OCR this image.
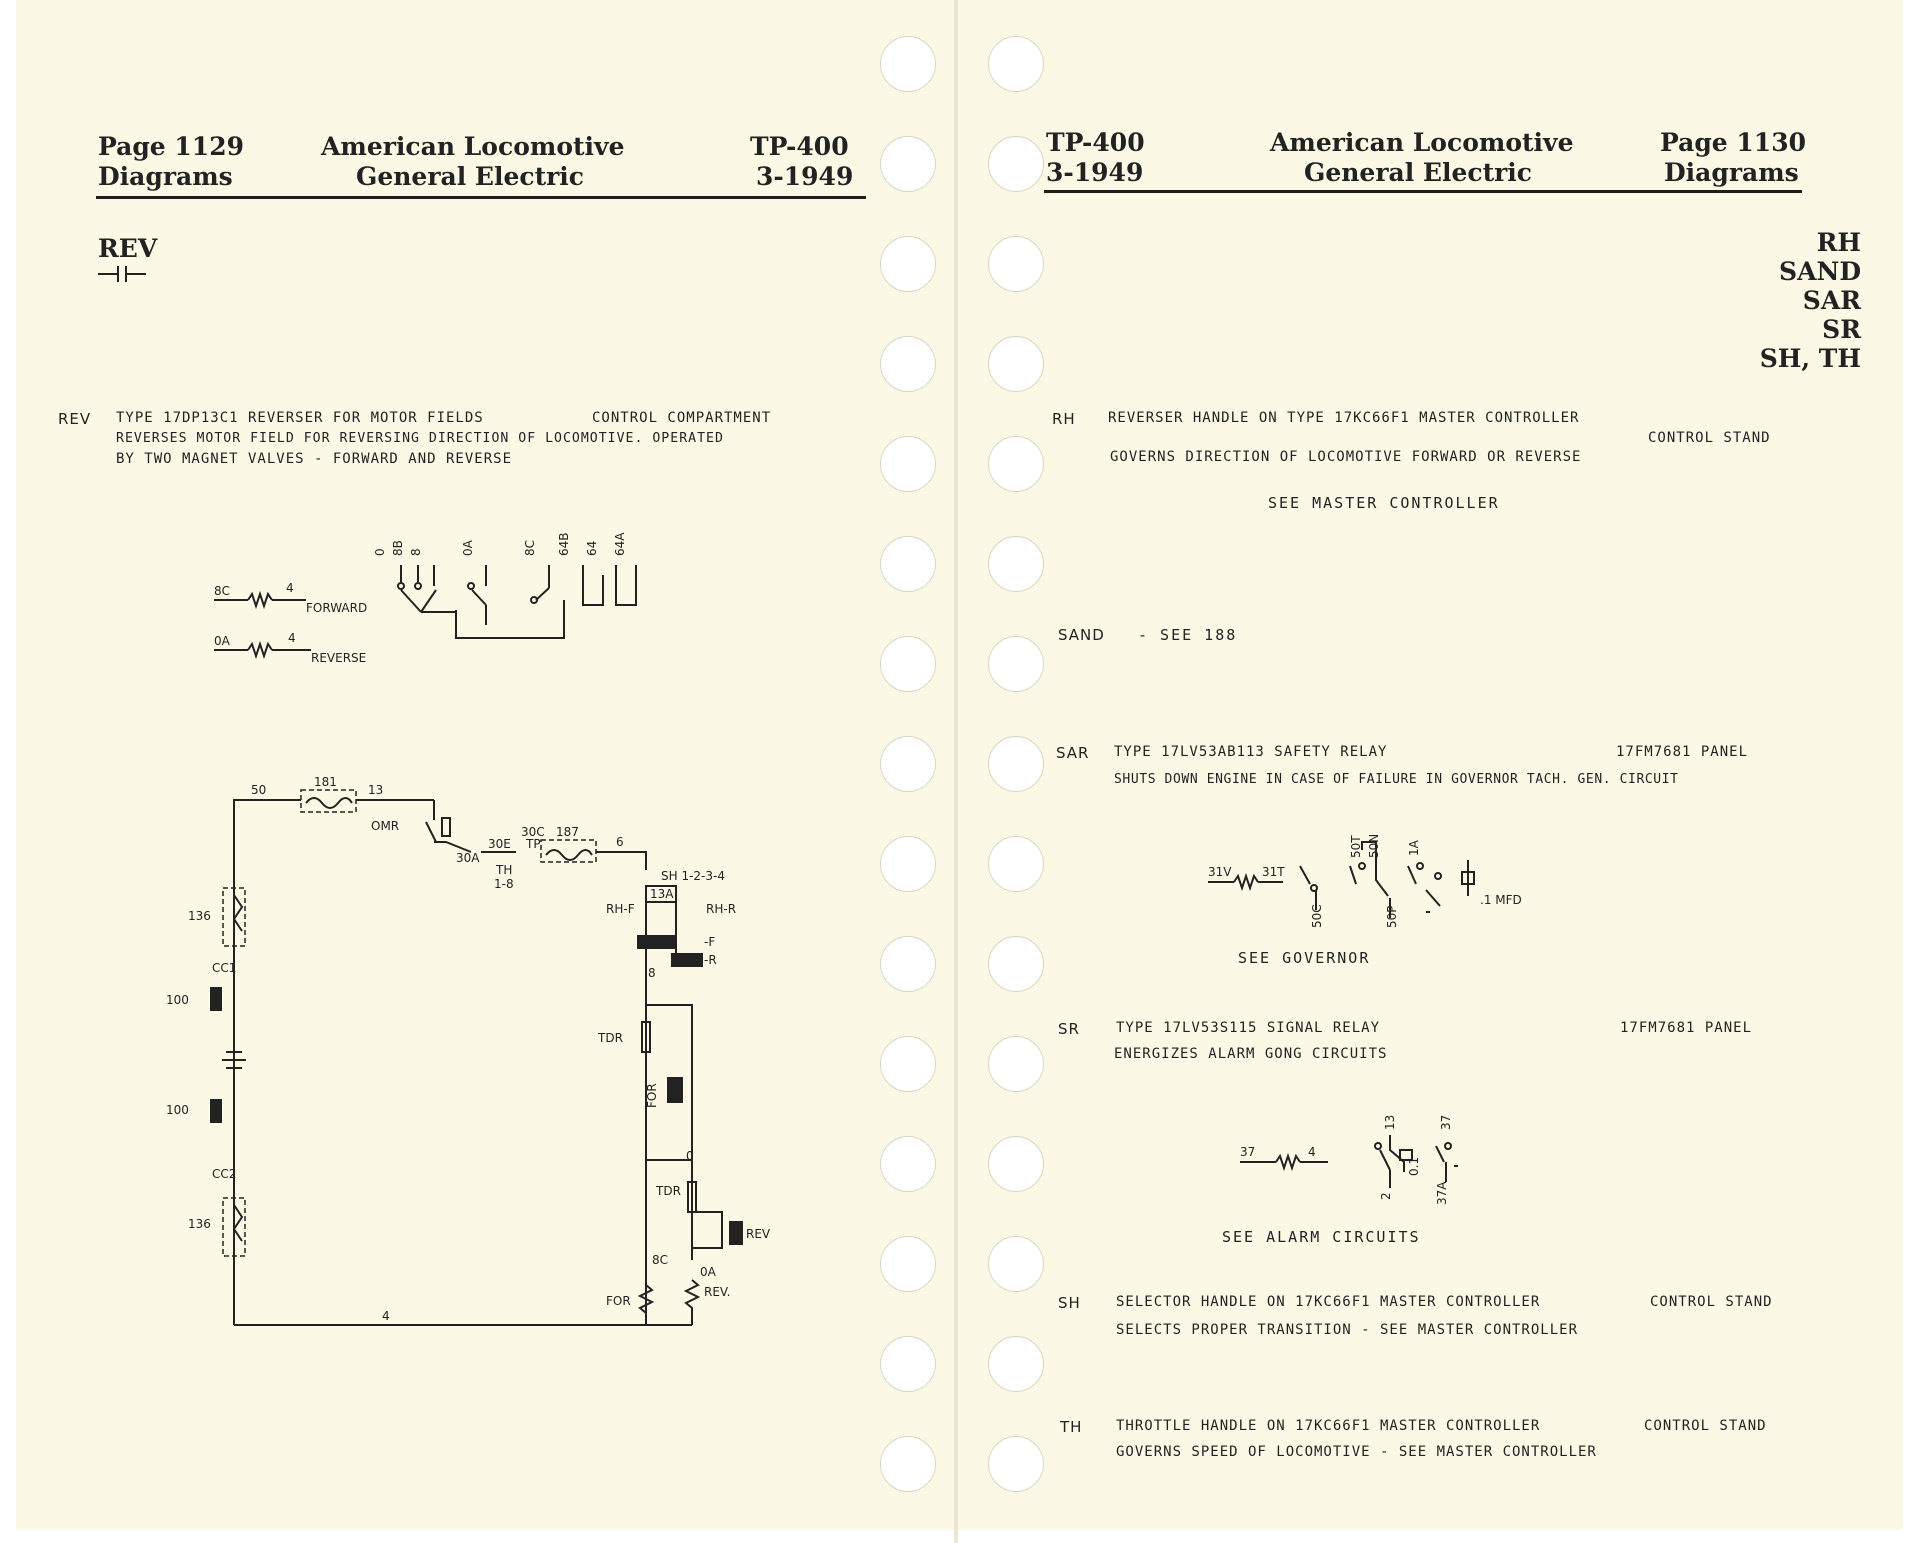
Page 1129
Diagrams
American Locomotive
General Electric
TP-400
3-1949
REV
REV TYPE 17DP13C1 REVERSER FOR MOTOR FIELDS	CONTROL COMPARTMENT
REVERSES MOTOR FIELD FOR REVERSING DIRECTION OF LOCOMOTIVE. OPERATED
BY TWO MAGNET VALVES - FORWARD AND REVERSE
8C	4
FORWARD
0A	4
REVERSE
0 8B 8	0A	8C 64B 64 64A
50
181
13
OMR
30A
30E
TH
1-8
30C
TP
187
6
SH 1-2-3-4
13A
RH-F	RH-R
-F
-R
8
TDR
FOR
0
TDR
REV
8C
0A
FOR
REV.
4
136
CC1
100
100
CC2
136
TP-400
3-1949
American Locomotive
General Electric
Page 1130
Diagrams
RH
SAND
SAR
SR
SH, TH
RH REVERSER HANDLE ON TYPE 17KC66F1 MASTER CONTROLLER
CONTROL STAND
GOVERNS DIRECTION OF LOCOMOTIVE FORWARD OR REVERSE
SEE MASTER CONTROLLER
SAND - SEE 188
SAR TYPE 17LV53AB113 SAFETY RELAY	17FM7681 PANEL
SHUTS DOWN ENGINE IN CASE OF FAILURE IN GOVERNOR TACH. GEN. CIRCUIT
31V	31T
50C
50T 50N
50P
1A
.1 MFD
SEE GOVERNOR
SR	TYPE 17LV53S115 SIGNAL RELAY	17FM7681 PANEL
ENERGIZES ALARM GONG CIRCUITS
37	4
13	37
2
0.1
37A
SEE ALARM CIRCUITS
SH	SELECTOR HANDLE ON 17KC66F1 MASTER CONTROLLER	CONTROL STAND
SELECTS PROPER TRANSITION - SEE MASTER CONTROLLER
TH THROTTLE HANDLE ON 17KC66F1 MASTER CONTROLLER	CONTROL STAND
GOVERNS SPEED OF LOCOMOTIVE - SEE MASTER CONTROLLER
